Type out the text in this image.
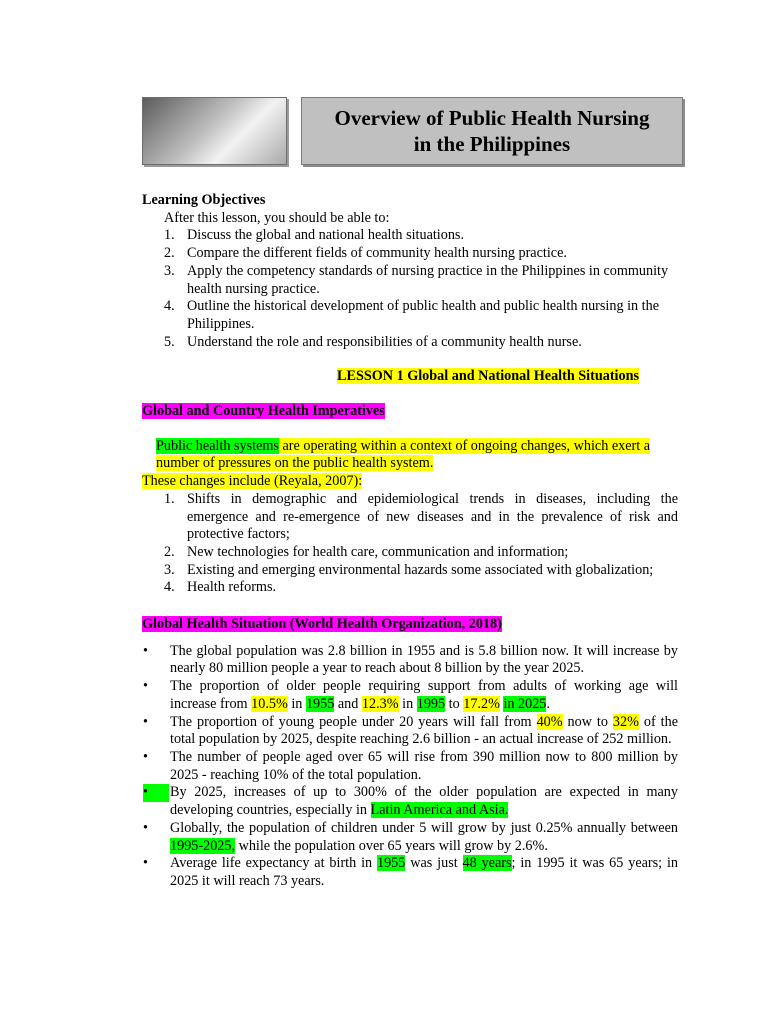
Overview of Public Health Nursing
in the Philippines
Learning Objectives
After this lesson, you should be able to:
1. Discuss the global and national health situations.
2. Compare the different fields of community health nursing practice.
3. Apply the competency standards of nursing practice in the Philippines in community health nursing practice.
4. Outline the historical development of public health and public health nursing in the Philippines.
5. Understand the role and responsibilities of a community health nurse.
LESSON 1 Global and National Health Situations
Global and Country Health Imperatives
Public health systems are operating within a context of ongoing changes, which exert a number of pressures on the public health system.
These changes include (Reyala, 2007):
1. Shifts in demographic and epidemiological trends in diseases, including the emergence and re-emergence of new diseases and in the prevalence of risk and protective factors;
2. New technologies for health care, communication and information;
3. Existing and emerging environmental hazards some associated with globalization;
4. Health reforms.
Global Health Situation (World Health Organization, 2018)
•	The global population was 2.8 billion in 1955 and is 5.8 billion now. It will increase by nearly 80 million people a year to reach about 8 billion by the year 2025.
•	The proportion of older people requiring support from adults of working age will increase from 10.5% in 1955 and 12.3% in 1995 to 17.2% in 2025.
•	The proportion of young people under 20 years will fall from 40% now to 32% of the total population by 2025, despite reaching 2.6 billion - an actual increase of 252 million.
•	The number of people aged over 65 will rise from 390 million now to 800 million by 2025 - reaching 10% of the total population.
•	By 2025, increases of up to 300% of the older population are expected in many developing countries, especially in Latin America and Asia.
•	Globally, the population of children under 5 will grow by just 0.25% annually between 1995-2025, while the population over 65 years will grow by 2.6%.
•	Average life expectancy at birth in 1955 was just 48 years; in 1995 it was 65 years; in 2025 it will reach 73 years.
